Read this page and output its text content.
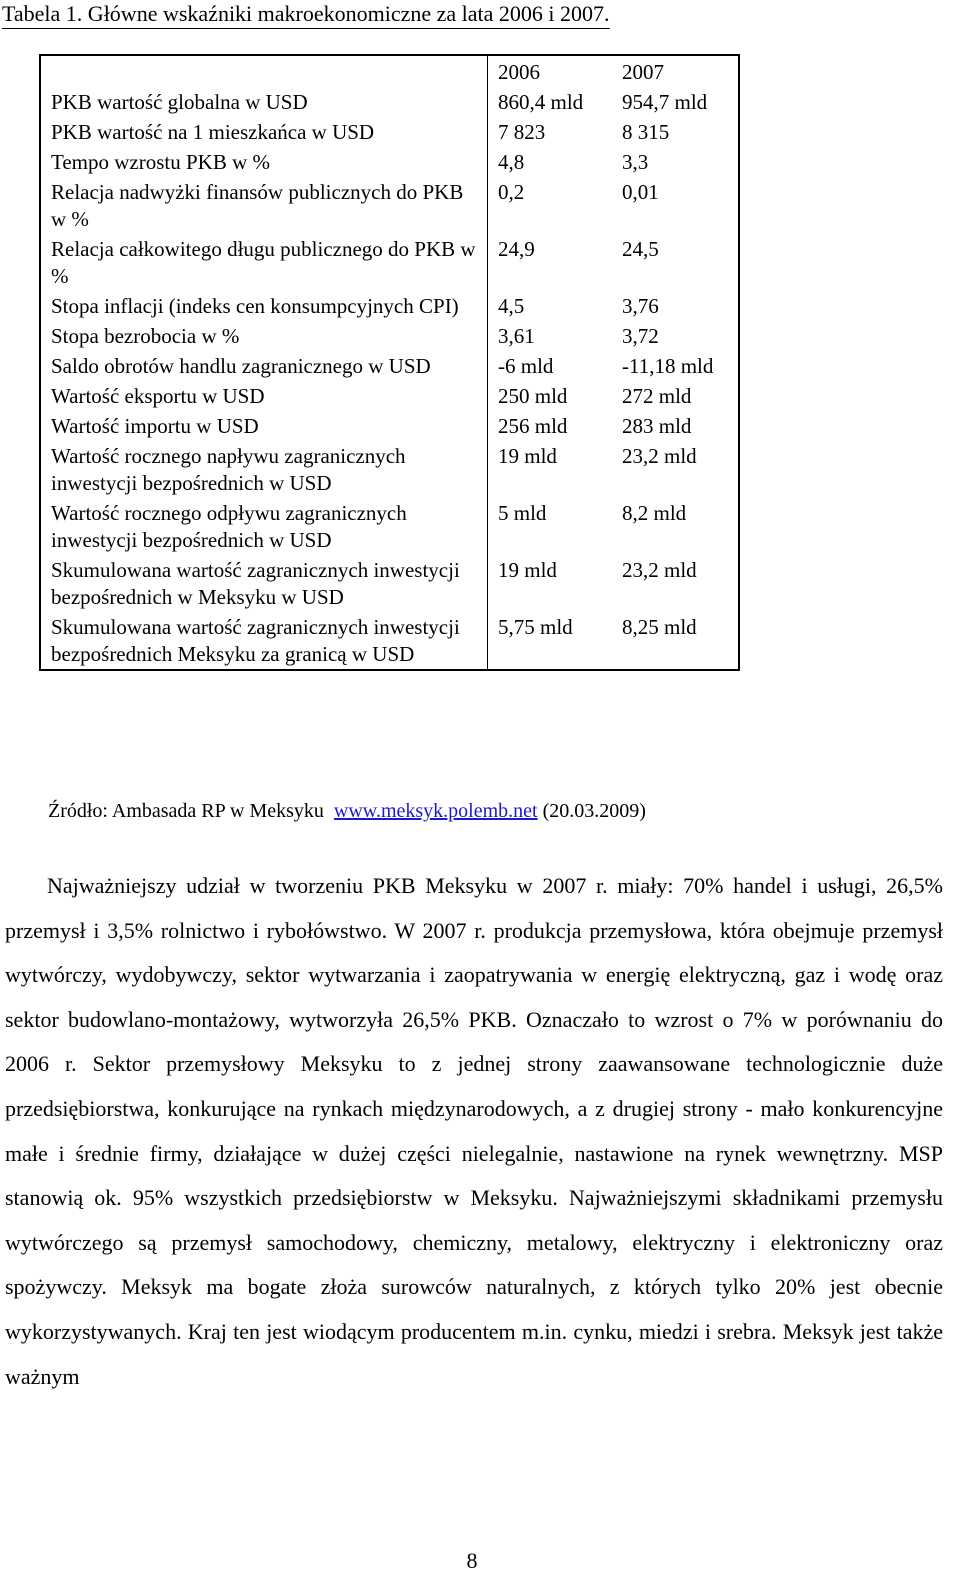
Tabela 1. Główne wskaźniki makroekonomiczne za lata 2006 i 2007.
	2006	2007
PKB wartość globalna w USD	860,4 mld	954,7 mld
PKB wartość na 1 mieszkańca w USD	7 823	8 315
Tempo wzrostu PKB w %	4,8	3,3
Relacja nadwyżki finansów publicznych do PKB w %	0,2	0,01
Relacja całkowitego długu publicznego do PKB w %	24,9	24,5
Stopa inflacji (indeks cen konsumpcyjnych CPI)	4,5	3,76
Stopa bezrobocia w %	3,61	3,72
Saldo obrotów handlu zagranicznego w USD	-6 mld	-11,18 mld
Wartość eksportu w USD	250 mld	272 mld
Wartość importu w USD	256 mld	283 mld
Wartość rocznego napływu zagranicznych inwestycji bezpośrednich w USD	19 mld	23,2 mld
Wartość rocznego odpływu zagranicznych inwestycji bezpośrednich w USD	5 mld	8,2 mld
Skumulowana wartość zagranicznych inwestycji bezpośrednich w Meksyku w USD	19 mld	23,2 mld
Skumulowana wartość zagranicznych inwestycji bezpośrednich Meksyku za granicą w USD	5,75 mld	8,25 mld
Źródło: Ambasada RP w Meksyku www.meksyk.polemb.net (20.03.2009)

Najważniejszy udział w tworzeniu PKB Meksyku w 2007 r. miały: 70% handel i usługi, 26,5% przemysł i 3,5% rolnictwo i rybołówstwo. W 2007 r. produkcja przemysłowa, która obejmuje przemysł wytwórczy, wydobywczy, sektor wytwarzania i zaopatrywania w energię elektryczną, gaz i wodę oraz sektor budowlano-montażowy, wytworzyła 26,5% PKB. Oznaczało to wzrost o 7% w porównaniu do 2006 r. Sektor przemysłowy Meksyku to z jednej strony zaawansowane technologicznie duże przedsiębiorstwa, konkurujące na rynkach międzynarodowych, a z drugiej strony - mało konkurencyjne małe i średnie firmy, działające w dużej części nielegalnie, nastawione na rynek wewnętrzny. MSP stanowią ok. 95% wszystkich przedsiębiorstw w Meksyku. Najważniejszymi składnikami przemysłu wytwórczego są przemysł samochodowy, chemiczny, metalowy, elektryczny i elektroniczny oraz spożywczy. Meksyk ma bogate złoża surowców naturalnych, z których tylko 20% jest obecnie wykorzystywanych. Kraj ten jest wiodącym producentem m.in. cynku, miedzi i srebra. Meksyk jest także ważnym

8
